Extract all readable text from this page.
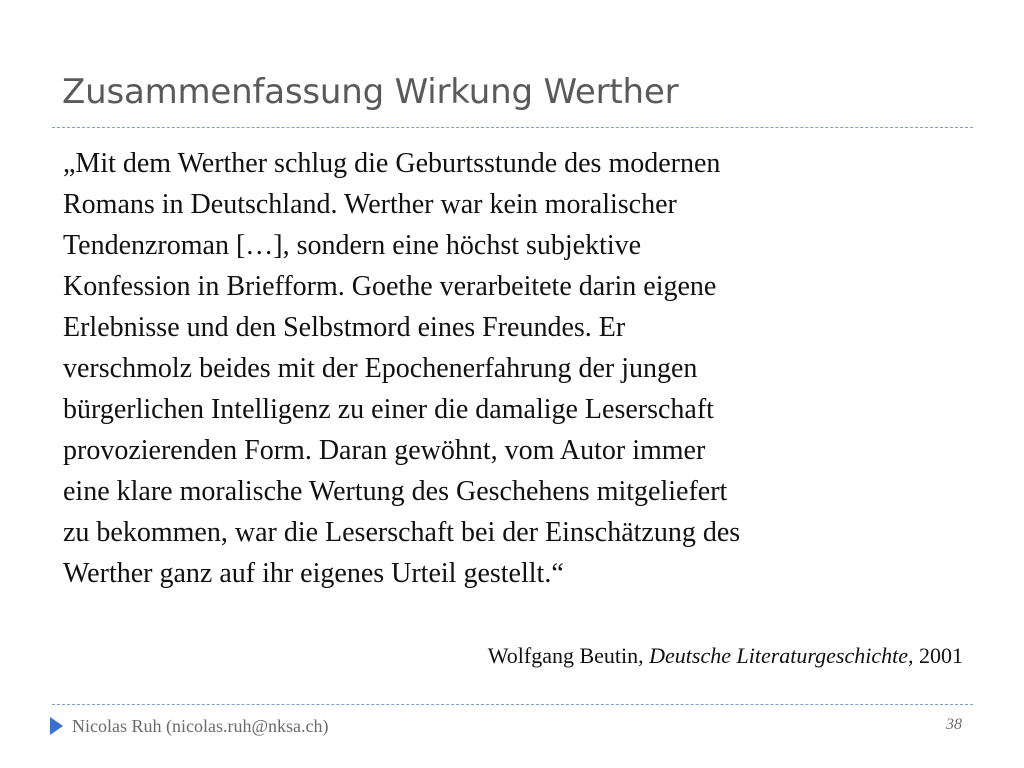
Zusammenfassung Wirkung Werther

„Mit dem Werther schlug die Geburtsstunde des modernen
Romans in Deutschland. Werther war kein moralischer
Tendenzroman […], sondern eine höchst subjektive
Konfession in Briefform. Goethe verarbeitete darin eigene
Erlebnisse und den Selbstmord eines Freundes. Er
verschmolz beides mit der Epochenerfahrung der jungen
bürgerlichen Intelligenz zu einer die damalige Leserschaft
provozierenden Form. Daran gewöhnt, vom Autor immer
eine klare moralische Wertung des Geschehens mitgeliefert
zu bekommen, war die Leserschaft bei der Einschätzung des
Werther ganz auf ihr eigenes Urteil gestellt.“

Wolfgang Beutin, Deutsche Literaturgeschichte, 2001
Nicolas Ruh (nicolas.ruh@nksa.ch)	38
